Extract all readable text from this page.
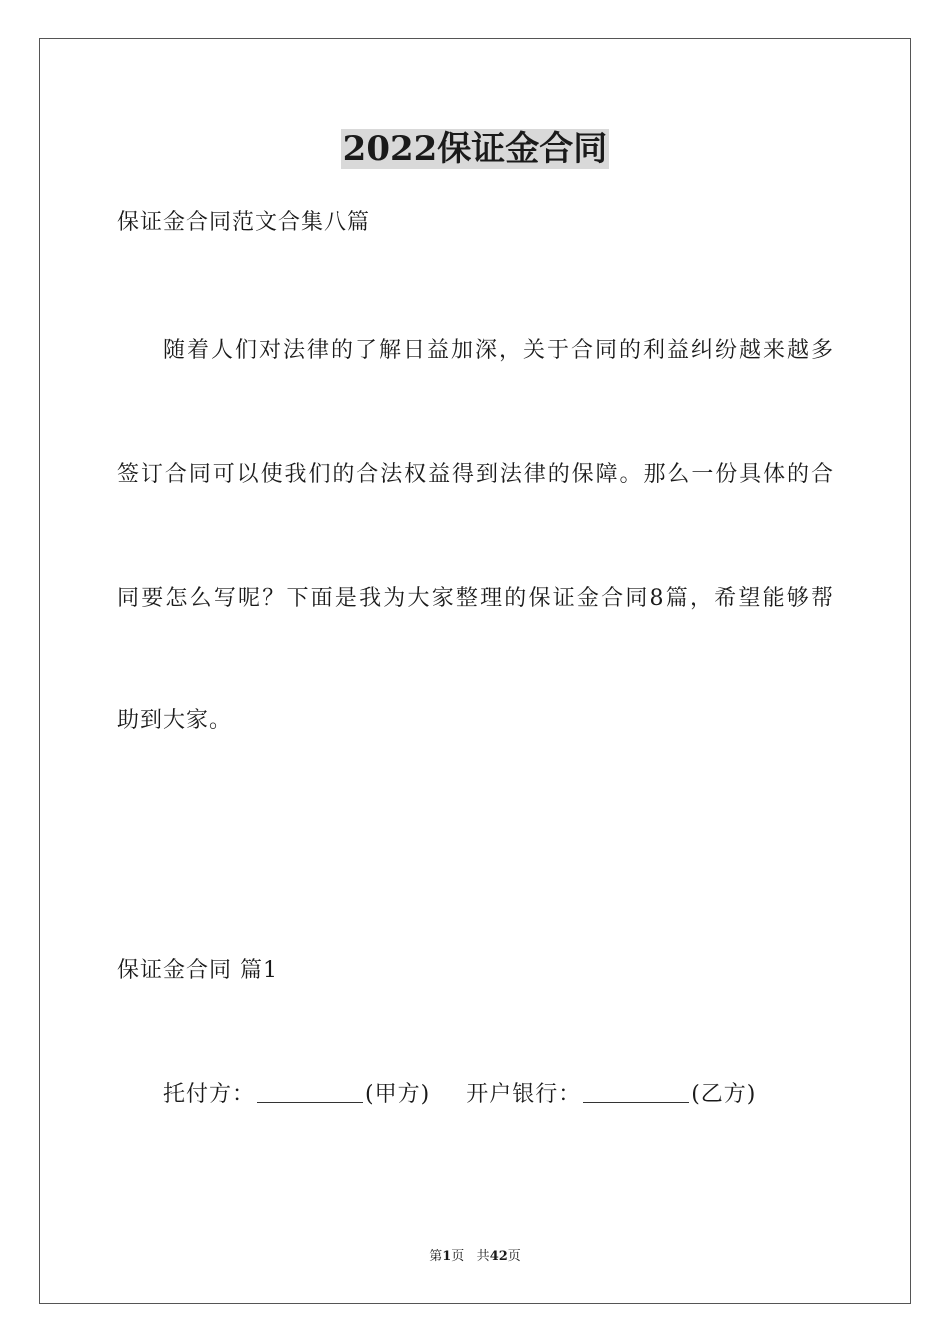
2022保证金合同
保证金合同范文合集八篇
随着人们对法律的了解日益加深，关于合同的利益纠纷越来越多
签订合同可以使我们的合法权益得到法律的保障。那么一份具体的合
同要怎么写呢？下面是我为大家整理的保证金合同8篇，希望能够帮
助到大家。
保证金合同 篇1
托付方：	(甲方) 开户银行：	(乙方)
第1页 共42页
